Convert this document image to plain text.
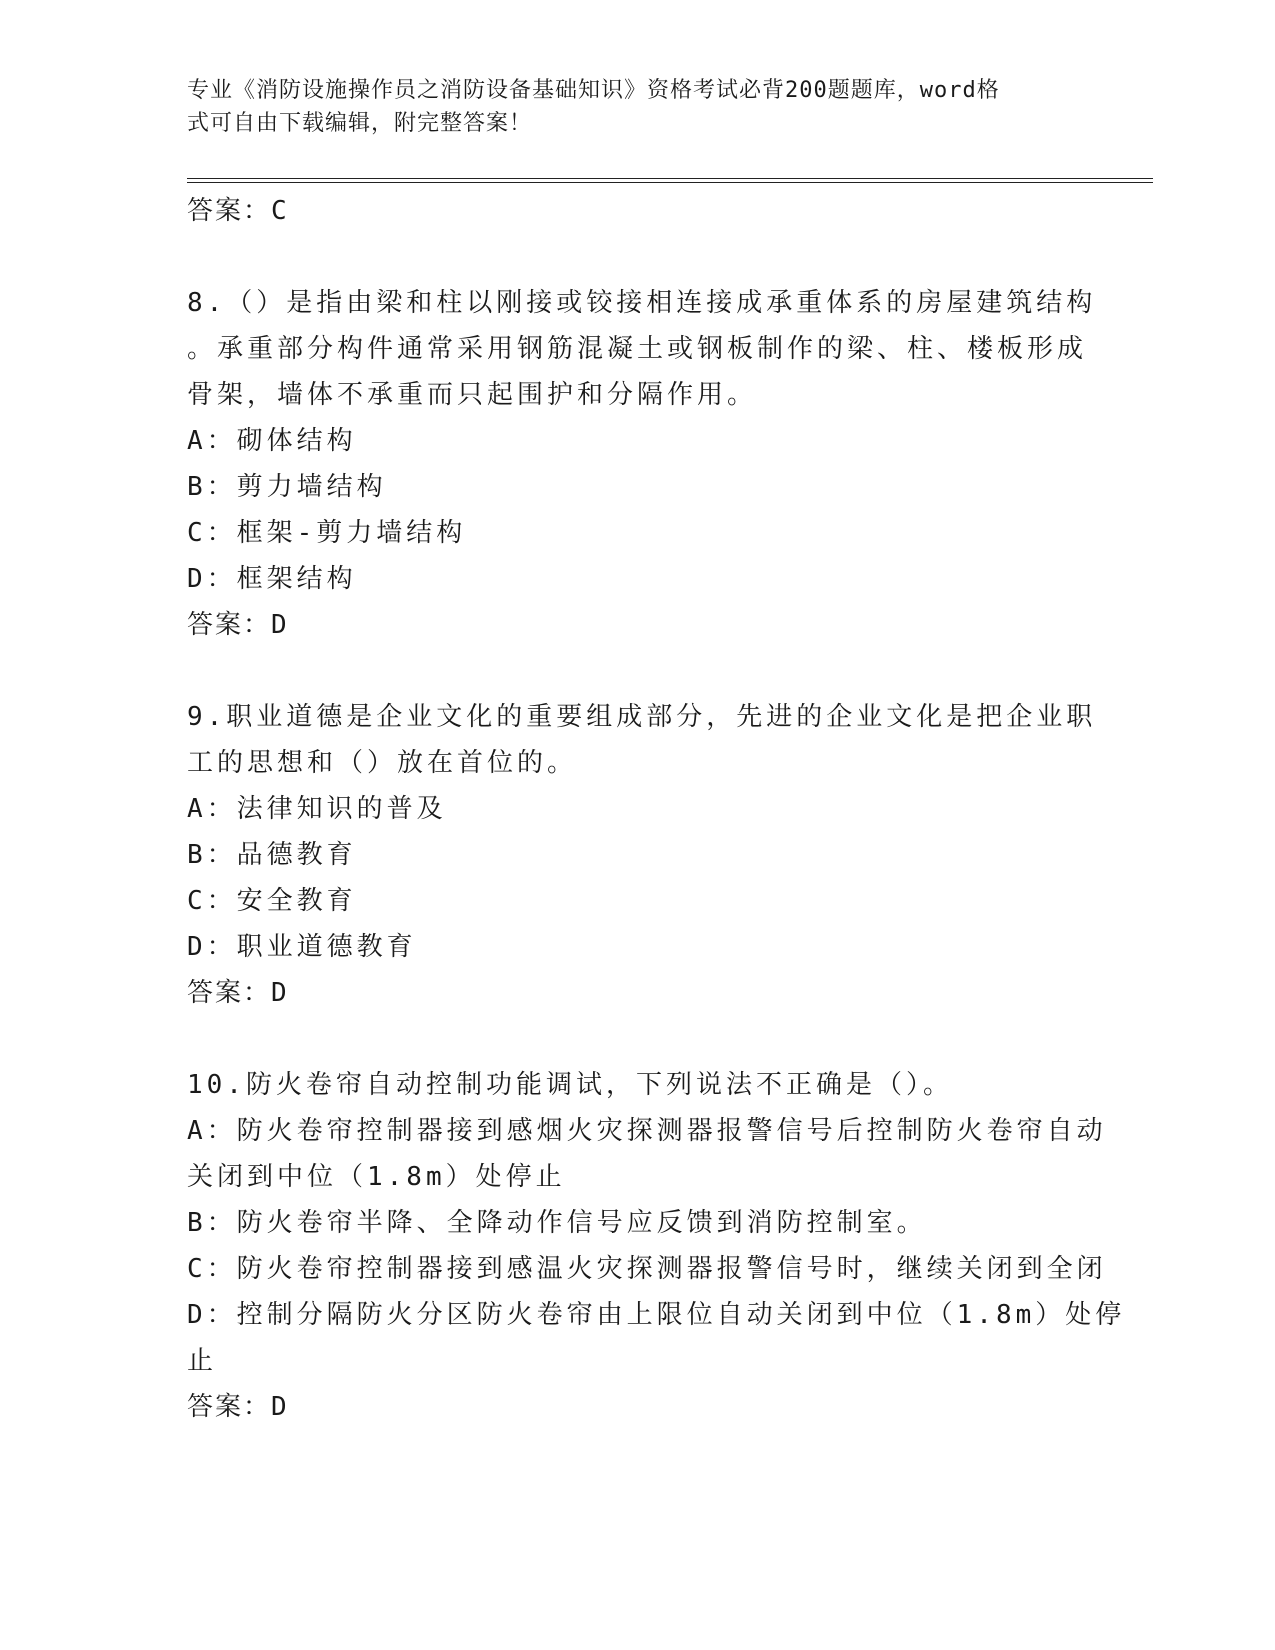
专业《消防设施操作员之消防设备基础知识》资格考试必背200题题库，word格
式可自由下载编辑，附完整答案！
答案：C
8.（）是指由梁和柱以刚接或铰接相连接成承重体系的房屋建筑结构
。承重部分构件通常采用钢筋混凝土或钢板制作的梁、柱、楼板形成
骨架，墙体不承重而只起围护和分隔作用。
A：砌体结构
B：剪力墙结构
C：框架-剪力墙结构
D：框架结构
答案：D
9.职业道德是企业文化的重要组成部分，先进的企业文化是把企业职
工的思想和（）放在首位的。
A：法律知识的普及
B：品德教育
C：安全教育
D：职业道德教育
答案：D
10.防火卷帘自动控制功能调试，下列说法不正确是（）。
A：防火卷帘控制器接到感烟火灾探测器报警信号后控制防火卷帘自动
关闭到中位（1.8m）处停止
B：防火卷帘半降、全降动作信号应反馈到消防控制室。
C：防火卷帘控制器接到感温火灾探测器报警信号时，继续关闭到全闭
D：控制分隔防火分区防火卷帘由上限位自动关闭到中位（1.8m）处停
止
答案：D
